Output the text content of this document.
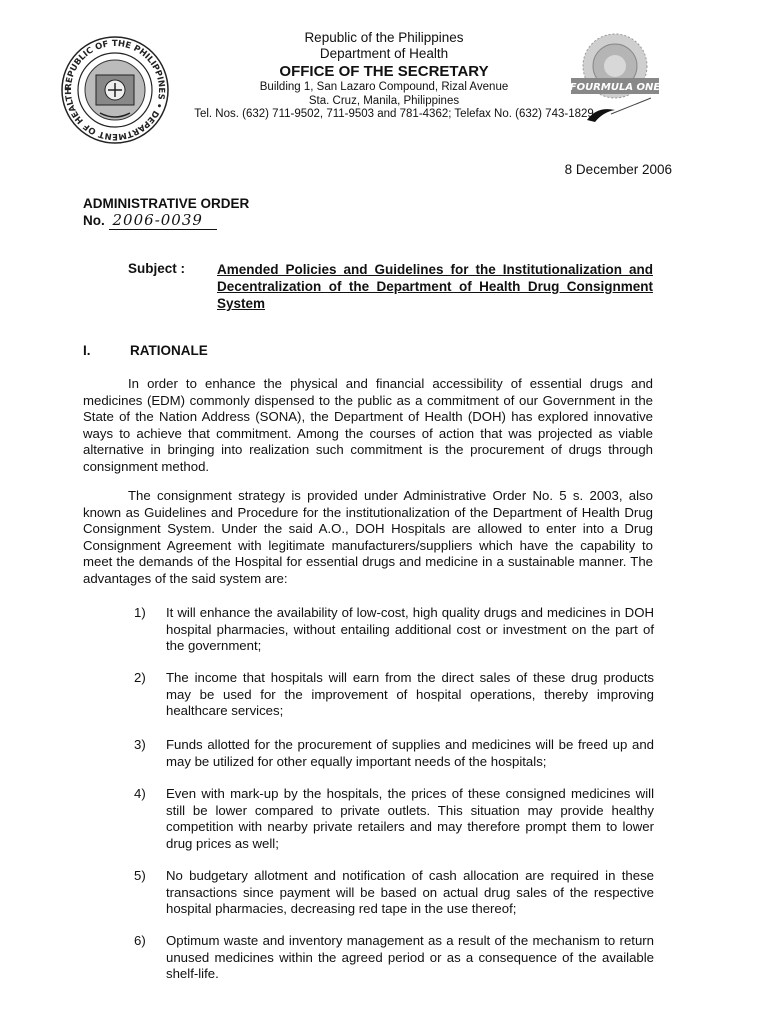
REPUBLIC OF THE PHILIPPINES • DEPARTMENT OF HEALTH	FOURMULA ONE
Republic of the Philippines
Department of Health
OFFICE OF THE SECRETARY
Building 1, San Lazaro Compound, Rizal Avenue
Sta. Cruz, Manila, Philippines
Tel. Nos. (632) 711-9502, 711-9503 and 781-4362; Telefax No. (632) 743-1829
8 December 2006
ADMINISTRATIVE ORDER
No. 2006-0039
Subject : Amended Policies and Guidelines for the Institutionalization and Decentralization of the Department of Health Drug Consignment System
I.	RATIONALE
In order to enhance the physical and financial accessibility of essential drugs and medicines (EDM) commonly dispensed to the public as a commitment of our Government in the State of the Nation Address (SONA), the Department of Health (DOH) has explored innovative ways to achieve that commitment. Among the courses of action that was projected as viable alternative in bringing into realization such commitment is the procurement of drugs through consignment method.
The consignment strategy is provided under Administrative Order No. 5 s. 2003, also known as Guidelines and Procedure for the institutionalization of the Department of Health Drug Consignment System. Under the said A.O., DOH Hospitals are allowed to enter into a Drug Consignment Agreement with legitimate manufacturers/suppliers which have the capability to meet the demands of the Hospital for essential drugs and medicine in a sustainable manner. The advantages of the said system are:
1) It will enhance the availability of low-cost, high quality drugs and medicines in DOH hospital pharmacies, without entailing additional cost or investment on the part of the government;
2) The income that hospitals will earn from the direct sales of these drug products may be used for the improvement of hospital operations, thereby improving healthcare services;
3) Funds allotted for the procurement of supplies and medicines will be freed up and may be utilized for other equally important needs of the hospitals;
4) Even with mark-up by the hospitals, the prices of these consigned medicines will still be lower compared to private outlets. This situation may provide healthy competition with nearby private retailers and may therefore prompt them to lower drug prices as well;
5) No budgetary allotment and notification of cash allocation are required in these transactions since payment will be based on actual drug sales of the respective hospital pharmacies, decreasing red tape in the use thereof;
6) Optimum waste and inventory management as a result of the mechanism to return unused medicines within the agreed period or as a consequence of the available shelf-life.
